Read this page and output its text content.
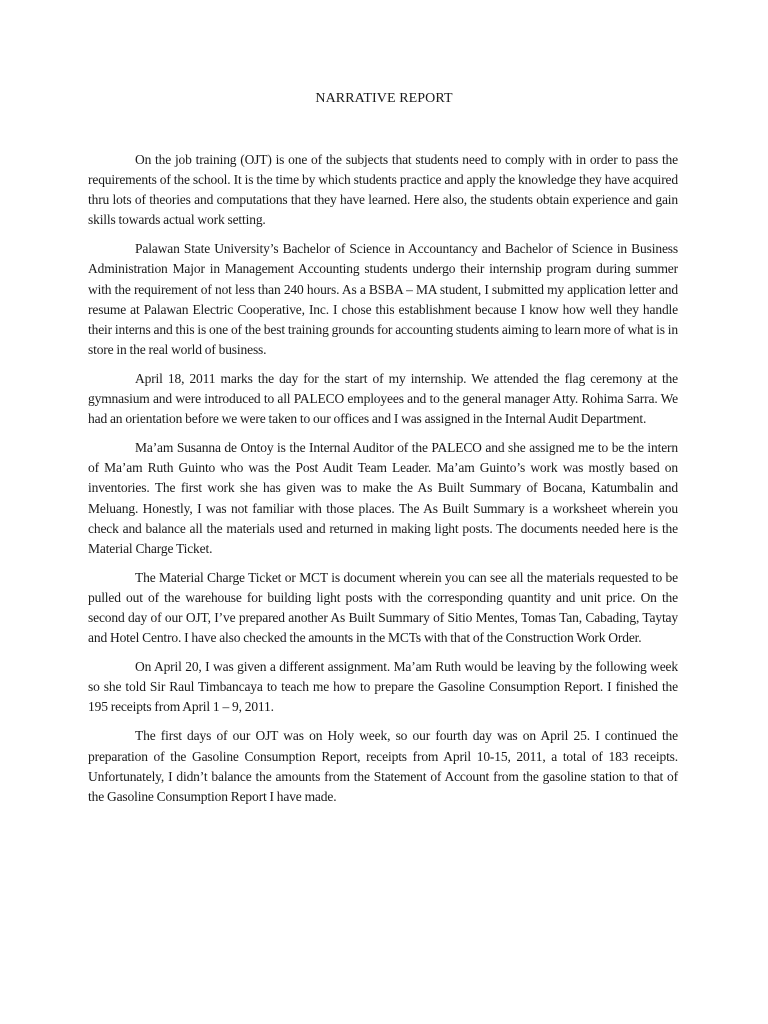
NARRATIVE REPORT

On the job training (OJT) is one of the subjects that students need to comply with in order to pass the requirements of the school. It is the time by which students practice and apply the knowledge they have acquired thru lots of theories and computations that they have learned. Here also, the students obtain experience and gain skills towards actual work setting.

Palawan State University’s Bachelor of Science in Accountancy and Bachelor of Science in Business Administration Major in Management Accounting students undergo their internship program during summer with the requirement of not less than 240 hours. As a BSBA – MA student, I submitted my application letter and resume at Palawan Electric Cooperative, Inc. I chose this establishment because I know how well they handle their interns and this is one of the best training grounds for accounting students aiming to learn more of what is in store in the real world of business.

April 18, 2011 marks the day for the start of my internship. We attended the flag ceremony at the gymnasium and were introduced to all PALECO employees and to the general manager Atty. Rohima Sarra. We had an orientation before we were taken to our offices and I was assigned in the Internal Audit Department.

Ma’am Susanna de Ontoy is the Internal Auditor of the PALECO and she assigned me to be the intern of Ma’am Ruth Guinto who was the Post Audit Team Leader. Ma’am Guinto’s work was mostly based on inventories. The first work she has given was to make the As Built Summary of Bocana, Katumbalin and Meluang. Honestly, I was not familiar with those places. The As Built Summary is a worksheet wherein you check and balance all the materials used and returned in making light posts. The documents needed here is the Material Charge Ticket.

The Material Charge Ticket or MCT is document wherein you can see all the materials requested to be pulled out of the warehouse for building light posts with the corresponding quantity and unit price. On the second day of our OJT, I’ve prepared another As Built Summary of Sitio Mentes, Tomas Tan, Cabading, Taytay and Hotel Centro. I have also checked the amounts in the MCTs with that of the Construction Work Order.

On April 20, I was given a different assignment. Ma’am Ruth would be leaving by the following week so she told Sir Raul Timbancaya to teach me how to prepare the Gasoline Consumption Report. I finished the 195 receipts from April 1 – 9, 2011.

The first days of our OJT was on Holy week, so our fourth day was on April 25. I continued the preparation of the Gasoline Consumption Report, receipts from April 10-15, 2011, a total of 183 receipts. Unfortunately, I didn’t balance the amounts from the Statement of Account from the gasoline station to that of the Gasoline Consumption Report I have made.
